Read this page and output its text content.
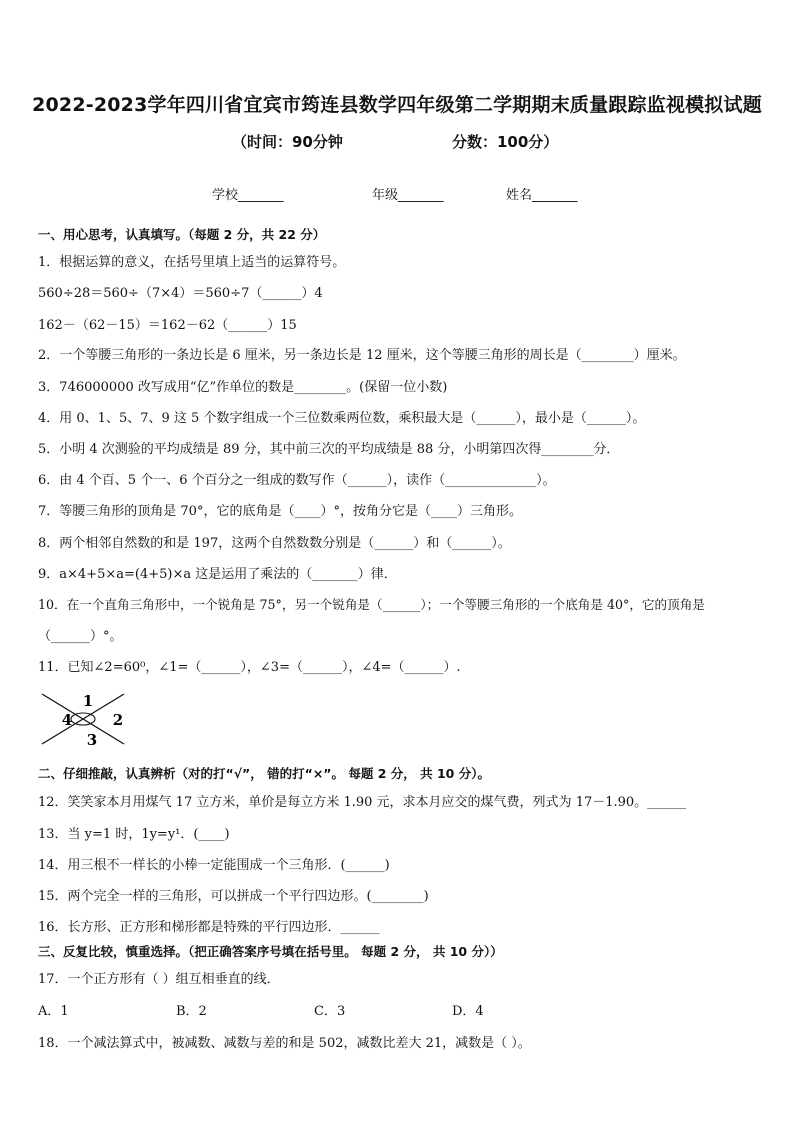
2022-2023学年四川省宜宾市筠连县数学四年级第二学期期末质量跟踪监视模拟试题
（时间：90分钟	分数：100分）
学校_______	年级_______	姓名_______
一、用心思考，认真填写。（每题 2 分，共 22 分）
1．根据运算的意义，在括号里填上适当的运算符号。
560÷28＝560÷（7×4）＝560÷7（______）4
162－（62－15）＝162－62（______）15
2．一个等腰三角形的一条边长是 6 厘米，另一条边长是 12 厘米，这个等腰三角形的周长是（________）厘米。
3．746000000 改写成用“亿”作单位的数是________。(保留一位小数)
4．用 0、1、5、7、9 这 5 个数字组成一个三位数乘两位数，乘积最大是（______），最小是（______）。
5．小明 4 次测验的平均成绩是 89 分，其中前三次的平均成绩是 88 分，小明第四次得________分．
6．由 4 个百、5 个一、6 个百分之一组成的数写作（______），读作（______________）。
7．等腰三角形的顶角是 70°，它的底角是（____）°，按角分它是（____）三角形。
8．两个相邻自然数的和是 197，这两个自然数数分别是（______）和（______）。
9．a×4+5×a=(4+5)×a 这是运用了乘法的（_______）律．
10．在一个直角三角形中，一个锐角是 75°，另一个锐角是（______）；一个等腰三角形的一个底角是 40°，它的顶角是
（______）°。
11．已知∠2=60⁰，∠1=（______），∠3=（______），∠4=（______）.
1
2
3
4
二、仔细推敲，认真辨析（对的打“√”， 错的打“×”。 每题 2 分， 共 10 分）。
12．笑笑家本月用煤气 17 立方米，单价是每立方米 1.90 元，求本月应交的煤气费，列式为 17－1.90。______
13．当 y=1 时，1y=y¹．(____)
14．用三根不一样长的小棒一定能围成一个三角形．(______)
15．两个完全一样的三角形，可以拼成一个平行四边形。(________)
16．长方形、正方形和梯形都是特殊的平行四边形．______
三、反复比较，慎重选择。（把正确答案序号填在括号里。 每题 2 分， 共 10 分））
17．一个正方形有（ ）组互相垂直的线．
A．1	B．2	C．3	D．4
18．一个减法算式中，被减数、减数与差的和是 502，减数比差大 21，减数是（ ）。
